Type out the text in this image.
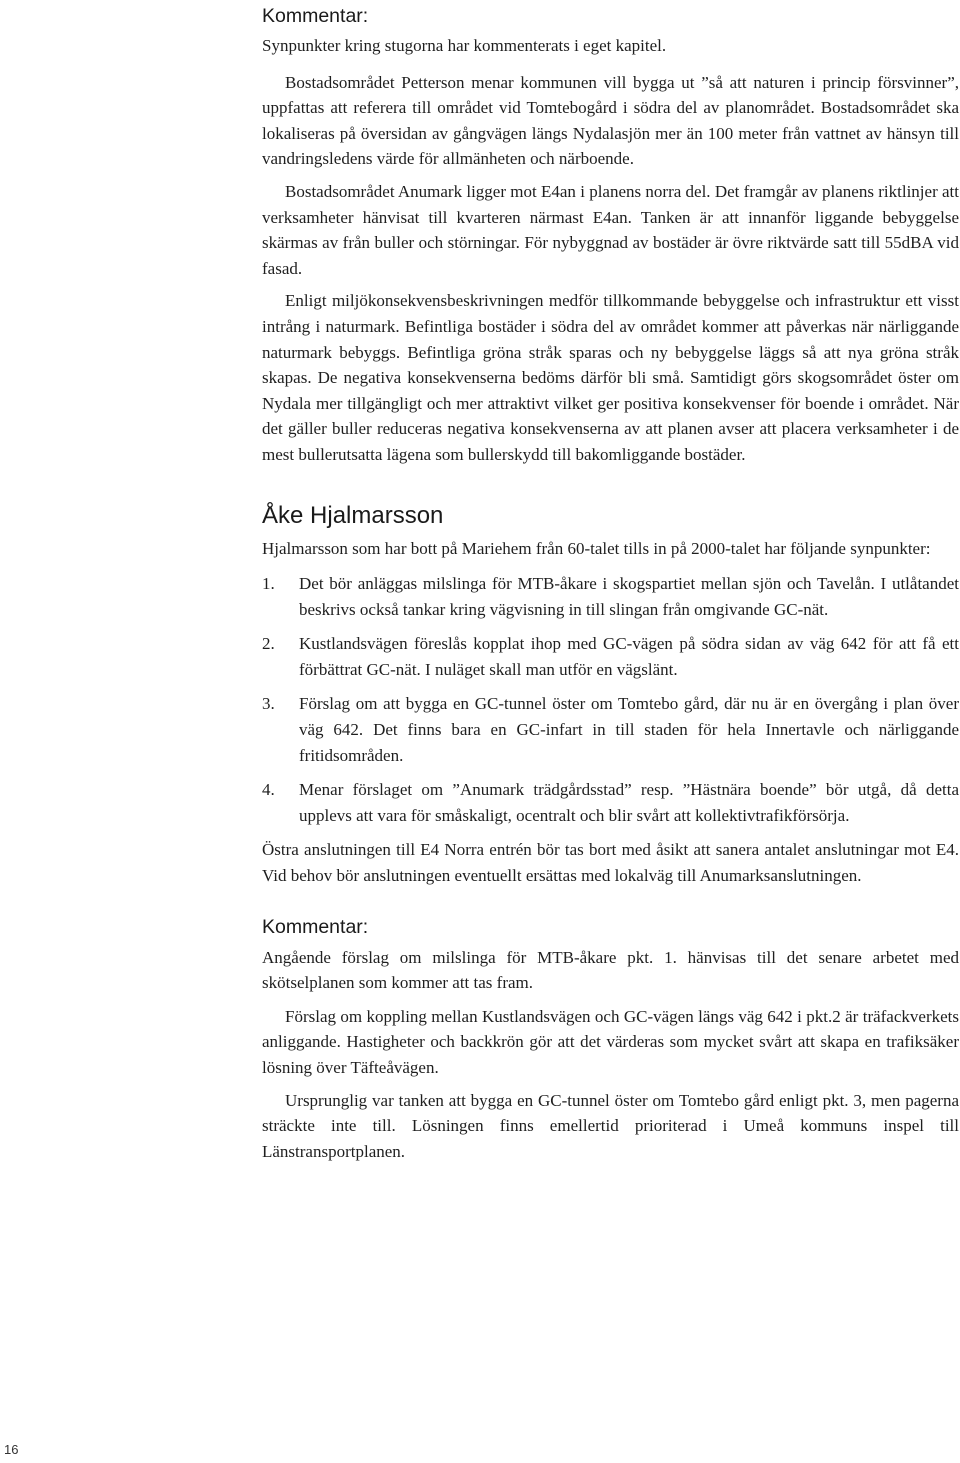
Kommentar:

Synpunkter kring stugorna har kommenterats i eget kapitel.

Bostadsområdet Petterson menar kommunen vill bygga ut ”så att naturen i princip försvinner”, uppfattas att referera till området vid Tomtebogård i södra del av planområdet. Bostadsområdet ska lokaliseras på översidan av gångvägen längs Nydalasjön mer än 100 meter från vattnet av hänsyn till vandringsledens värde för allmänheten och närboende.

Bostadsområdet Anumark ligger mot E4an i planens norra del. Det framgår av planens riktlinjer att verksamheter hänvisat till kvarteren närmast E4an. Tanken är att innanför liggande bebyggelse skärmas av från buller och störningar. För nybyggnad av bostäder är övre riktvärde satt till 55dBA vid fasad.

Enligt miljökonsekvensbeskrivningen medför tillkommande bebyggelse och infrastruktur ett visst intrång i naturmark. Befintliga bostäder i södra del av området kommer att påverkas när närliggande naturmark bebyggs. Befintliga gröna stråk sparas och ny bebyggelse läggs så att nya gröna stråk skapas. De negativa konsekvenserna bedöms därför bli små. Samtidigt görs skogsområdet öster om Nydala mer tillgängligt och mer attraktivt vilket ger positiva konsekvenser för boende i området. När det gäller buller reduceras negativa konsekvenserna av att planen avser att placera verksamheter i de mest bullerutsatta lägena som bullerskydd till bakomliggande bostäder.

Åke Hjalmarsson

Hjalmarsson som har bott på Mariehem från 60-talet tills in på 2000-talet har följande synpunkter:

1. Det bör anläggas milslinga för MTB-åkare i skogspartiet mellan sjön och Tavelån. I utlåtandet beskrivs också tankar kring vägvisning in till slingan från omgivande GC-nät.
2. Kustlandsvägen föreslås kopplat ihop med GC-vägen på södra sidan av väg 642 för att få ett förbättrat GC-nät. I nuläget skall man utför en vägslänt.
3. Förslag om att bygga en GC-tunnel öster om Tomtebo gård, där nu är en övergång i plan över väg 642. Det finns bara en GC-infart in till staden för hela Innertavle och närliggande fritidsområden.
4. Menar förslaget om ”Anumark trädgårdsstad” resp. ”Hästnära boende” bör utgå, då detta upplevs att vara för småskaligt, ocentralt och blir svårt att kollektivtrafikförsörja.

Östra anslutningen till E4 Norra entrén bör tas bort med åsikt att sanera antalet anslutningar mot E4. Vid behov bör anslutningen eventuellt ersättas med lokalväg till Anumarksanslutningen.

Kommentar:

Angående förslag om milslinga för MTB-åkare pkt. 1. hänvisas till det senare arbetet med skötselplanen som kommer att tas fram.

Förslag om koppling mellan Kustlandsvägen och GC-vägen längs väg 642 i pkt.2 är träfackverkets anliggande. Hastigheter och backkrön gör att det värderas som mycket svårt att skapa en trafiksäker lösning över Täfteåvägen.

Ursprunglig var tanken att bygga en GC-tunnel öster om Tomtebo gård enligt pkt. 3, men pagerna sträckte inte till. Lösningen finns emellertid prioriterad i Umeå kommuns inspel till Länstransportplanen.

16
